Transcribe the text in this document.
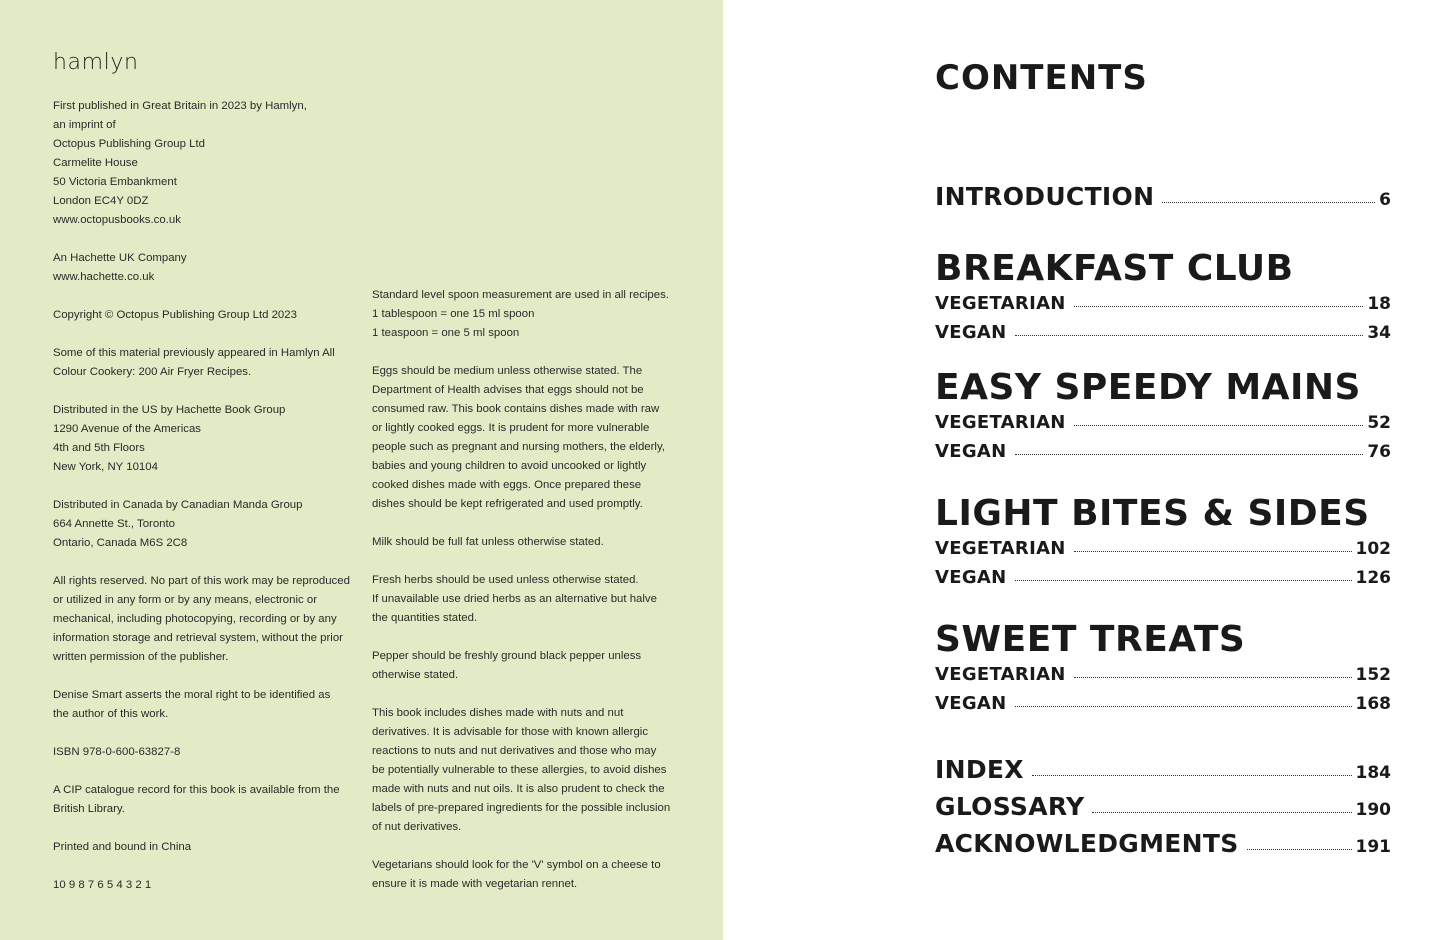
hamlyn
First published in Great Britain in 2023 by Hamlyn,
an imprint of
Octopus Publishing Group Ltd
Carmelite House
50 Victoria Embankment
London EC4Y 0DZ
www.octopusbooks.co.uk
An Hachette UK Company
www.hachette.co.uk
Copyright © Octopus Publishing Group Ltd 2023
Some of this material previously appeared in Hamlyn All
Colour Cookery: 200 Air Fryer Recipes.
Distributed in the US by Hachette Book Group
1290 Avenue of the Americas
4th and 5th Floors
New York, NY 10104
Distributed in Canada by Canadian Manda Group
664 Annette St., Toronto
Ontario, Canada M6S 2C8
All rights reserved. No part of this work may be reproduced
or utilized in any form or by any means, electronic or
mechanical, including photocopying, recording or by any
information storage and retrieval system, without the prior
written permission of the publisher.
Denise Smart asserts the moral right to be identified as
the author of this work.
ISBN 978-0-600-63827-8
A CIP catalogue record for this book is available from the
British Library.
Printed and bound in China
10 9 8 7 6 5 4 3 2 1
Standard level spoon measurement are used in all recipes.
1 tablespoon = one 15 ml spoon
1 teaspoon = one 5 ml spoon
Eggs should be medium unless otherwise stated. The
Department of Health advises that eggs should not be
consumed raw. This book contains dishes made with raw
or lightly cooked eggs. It is prudent for more vulnerable
people such as pregnant and nursing mothers, the elderly,
babies and young children to avoid uncooked or lightly
cooked dishes made with eggs. Once prepared these
dishes should be kept refrigerated and used promptly.
Milk should be full fat unless otherwise stated.
Fresh herbs should be used unless otherwise stated.
If unavailable use dried herbs as an alternative but halve
the quantities stated.
Pepper should be freshly ground black pepper unless
otherwise stated.
This book includes dishes made with nuts and nut
derivatives. It is advisable for those with known allergic
reactions to nuts and nut derivatives and those who may
be potentially vulnerable to these allergies, to avoid dishes
made with nuts and nut oils. It is also prudent to check the
labels of pre-prepared ingredients for the possible inclusion
of nut derivatives.
Vegetarians should look for the 'V' symbol on a cheese to
ensure it is made with vegetarian rennet.
CONTENTS
INTRODUCTION	6
BREAKFAST CLUB
VEGETARIAN	18
VEGAN	34
EASY SPEEDY MAINS
VEGETARIAN	52
VEGAN	76
LIGHT BITES & SIDES
VEGETARIAN	102
VEGAN	126
SWEET TREATS
VEGETARIAN	152
VEGAN	168
INDEX	184
GLOSSARY	190
ACKNOWLEDGMENTS	191
